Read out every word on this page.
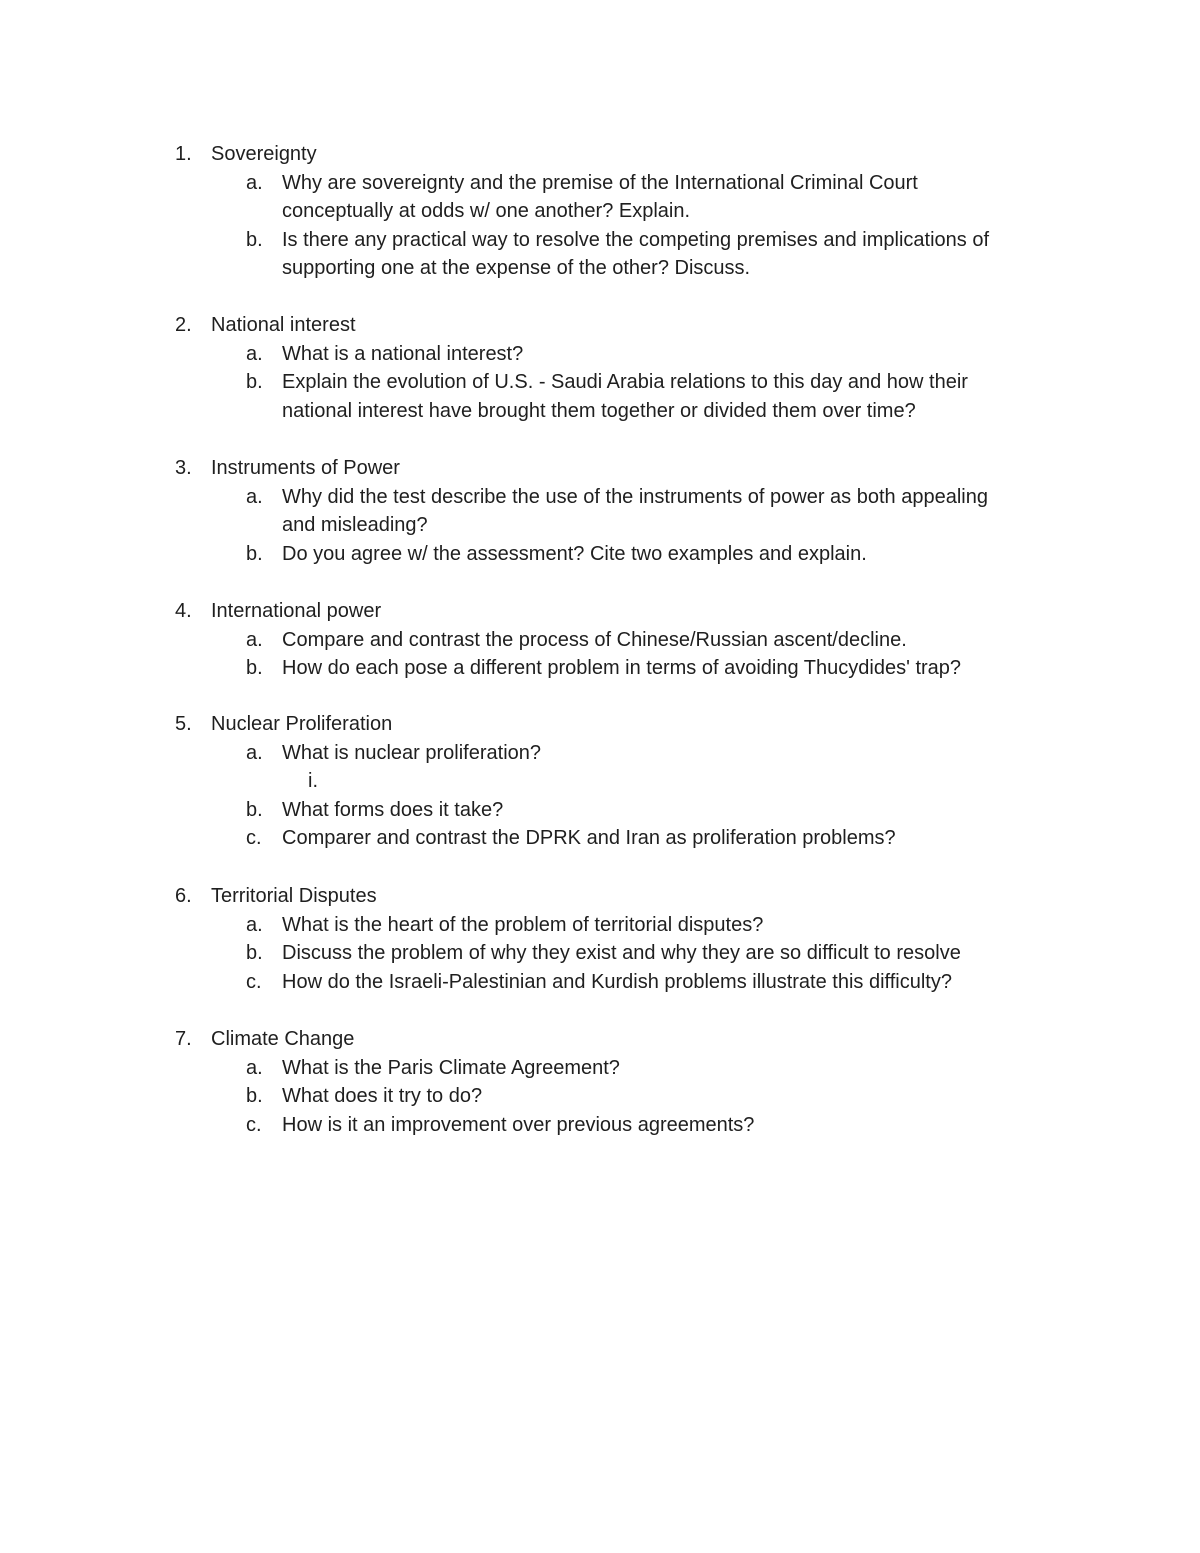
1. Sovereignty
a. Why are sovereignty and the premise of the International Criminal Court
conceptually at odds w/ one another? Explain.
b. Is there any practical way to resolve the competing premises and implications of
supporting one at the expense of the other? Discuss.
2. National interest
a. What is a national interest?
b. Explain the evolution of U.S. - Saudi Arabia relations to this day and how their
national interest have brought them together or divided them over time?
3. Instruments of Power
a. Why did the test describe the use of the instruments of power as both appealing
and misleading?
b. Do you agree w/ the assessment? Cite two examples and explain.
4. International power
a. Compare and contrast the process of Chinese/Russian ascent/decline.
b. How do each pose a different problem in terms of avoiding Thucydides' trap?
5. Nuclear Proliferation
a. What is nuclear proliferation?
i.
b. What forms does it take?
c. Comparer and contrast the DPRK and Iran as proliferation problems?
6. Territorial Disputes
a. What is the heart of the problem of territorial disputes?
b. Discuss the problem of why they exist and why they are so difficult to resolve
c. How do the Israeli-Palestinian and Kurdish problems illustrate this difficulty?
7. Climate Change
a. What is the Paris Climate Agreement?
b. What does it try to do?
c. How is it an improvement over previous agreements?
